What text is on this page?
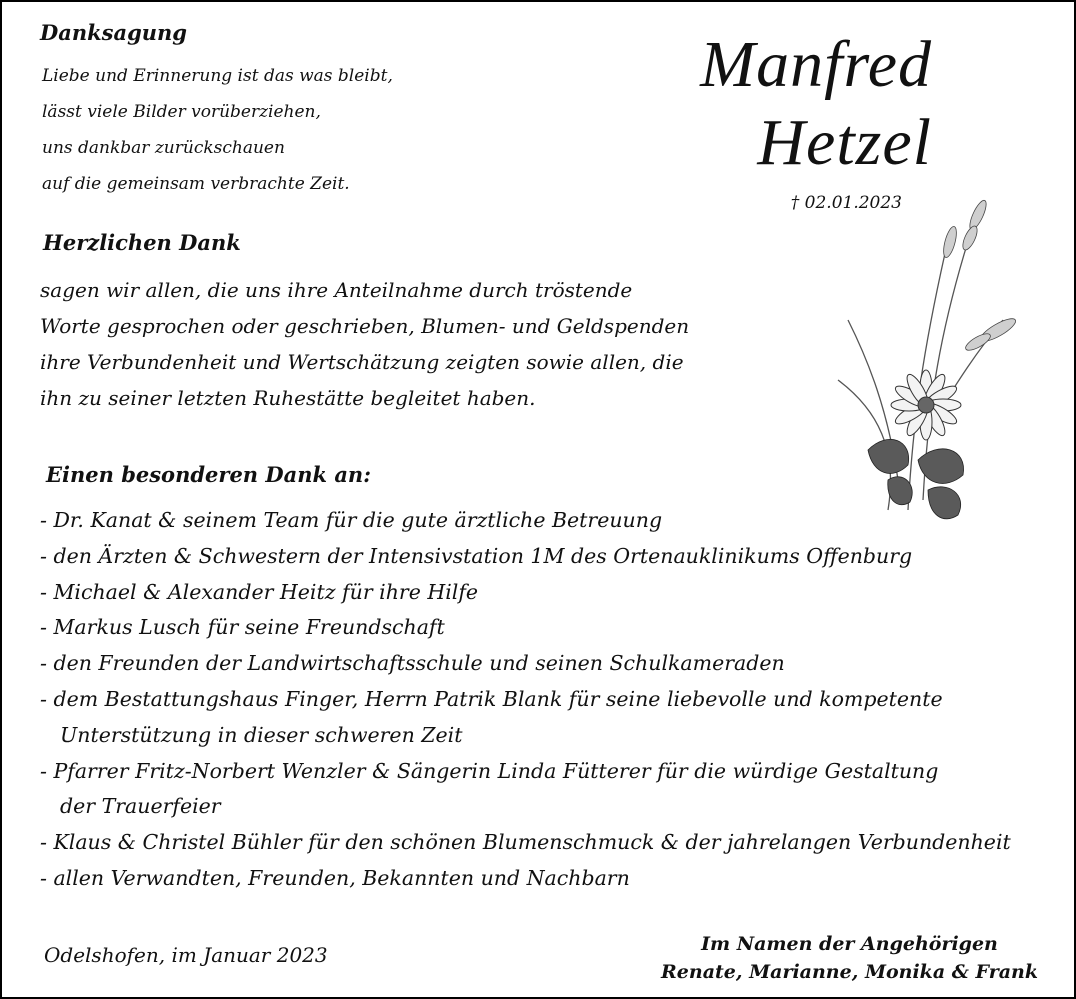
Danksagung
Liebe und Erinnerung ist das was bleibt,
lässt viele Bilder vorüberziehen,
uns dankbar zurückschauen
auf die gemeinsam verbrachte Zeit.
Manfred
Hetzel
† 02.01.2023
Herzlichen Dank
sagen wir allen, die uns ihre Anteilnahme durch tröstende
Worte gesprochen oder geschrieben, Blumen- und Geldspenden
ihre Verbundenheit und Wertschätzung zeigten sowie allen, die
ihn zu seiner letzten Ruhestätte begleitet haben.
Einen besonderen Dank an:
- Dr. Kanat & seinem Team für die gute ärztliche Betreuung
- den Ärzten & Schwestern der Intensivstation 1M des Ortenauklinikums Offenburg
- Michael & Alexander Heitz für ihre Hilfe
- Markus Lusch für seine Freundschaft
- den Freunden der Landwirtschaftsschule und seinen Schulkameraden
- dem Bestattungshaus Finger, Herrn Patrik Blank für seine liebevolle und kompetente
Unterstützung in dieser schweren Zeit
- Pfarrer Fritz-Norbert Wenzler & Sängerin Linda Fütterer für die würdige Gestaltung
der Trauerfeier
- Klaus & Christel Bühler für den schönen Blumenschmuck & der jahrelangen Verbundenheit
- allen Verwandten, Freunden, Bekannten und Nachbarn
Odelshofen, im Januar 2023	Im Namen der Angehörigen
Renate, Marianne, Monika & Frank
